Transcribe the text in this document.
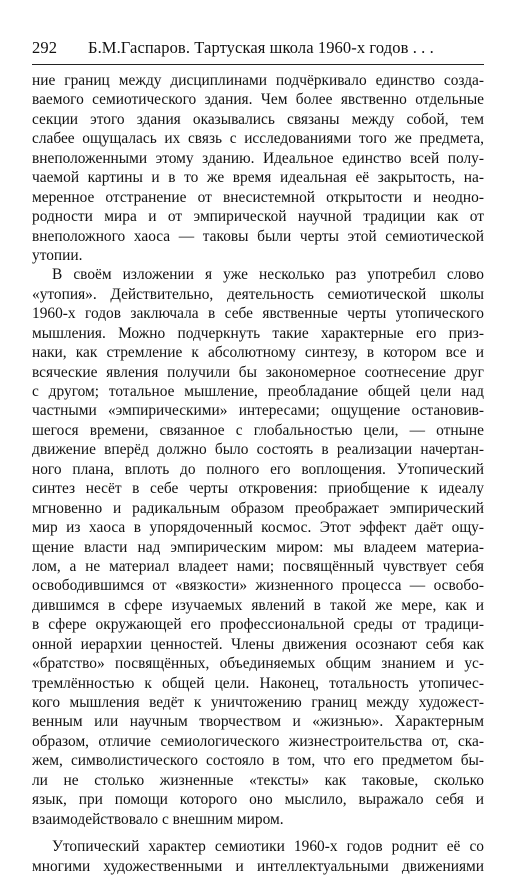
292	Б.М.Гаспаров. Тартуская школа 1960-х годов . . .
ние границ между дисциплинами подчёркивало единство созда-
ваемого семиотического здания. Чем более явственно отдельные
секции этого здания оказывались связаны между собой, тем
слабее ощущалась их связь с исследованиями того же предмета,
внеположенными этому зданию. Идеальное единство всей полу-
чаемой картины и в то же время идеальная её закрытость, на-
меренное отстранение от внесистемной открытости и неодно-
родности мира и от эмпирической научной традиции как от
внеположного хаоса — таковы были черты этой семиотической
утопии.
В своём изложении я уже несколько раз употребил слово
«утопия». Действительно, деятельность семиотической школы
1960-х годов заключала в себе явственные черты утопического
мышления. Можно подчеркнуть такие характерные его приз-
наки, как стремление к абсолютному синтезу, в котором все и
всяческие явления получили бы закономерное соотнесение друг
с другом; тотальное мышление, преобладание общей цели над
частными «эмпирическими» интересами; ощущение остановив-
шегося времени, связанное с глобальностью цели, — отныне
движение вперёд должно было состоять в реализации начертан-
ного плана, вплоть до полного его воплощения. Утопический
синтез несёт в себе черты откровения: приобщение к идеалу
мгновенно и радикальным образом преображает эмпирический
мир из хаоса в упорядоченный космос. Этот эффект даёт ощу-
щение власти над эмпирическим миром: мы владеем материа-
лом, а не материал владеет нами; посвящённый чувствует себя
освободившимся от «вязкости» жизненного процесса — освобо-
дившимся в сфере изучаемых явлений в такой же мере, как и
в сфере окружающей его профессиональной среды от традици-
онной иерархии ценностей. Члены движения осознают себя как
«братство» посвящённых, объединяемых общим знанием и ус-
тремлённостью к общей цели. Наконец, тотальность утопичес-
кого мышления ведёт к уничтожению границ между художест-
венным или научным творчеством и «жизнью». Характерным
образом, отличие семиологического жизнестроительства от, ска-
жем, символистического состояло в том, что его предметом бы-
ли не столько жизненные «тексты» как таковые, сколько
язык, при помощи которого оно мыслило, выражало себя и
взаимодействовало с внешним миром.
Утопический характер семиотики 1960-х годов роднит её со
многими художественными и интеллектуальными движениями
